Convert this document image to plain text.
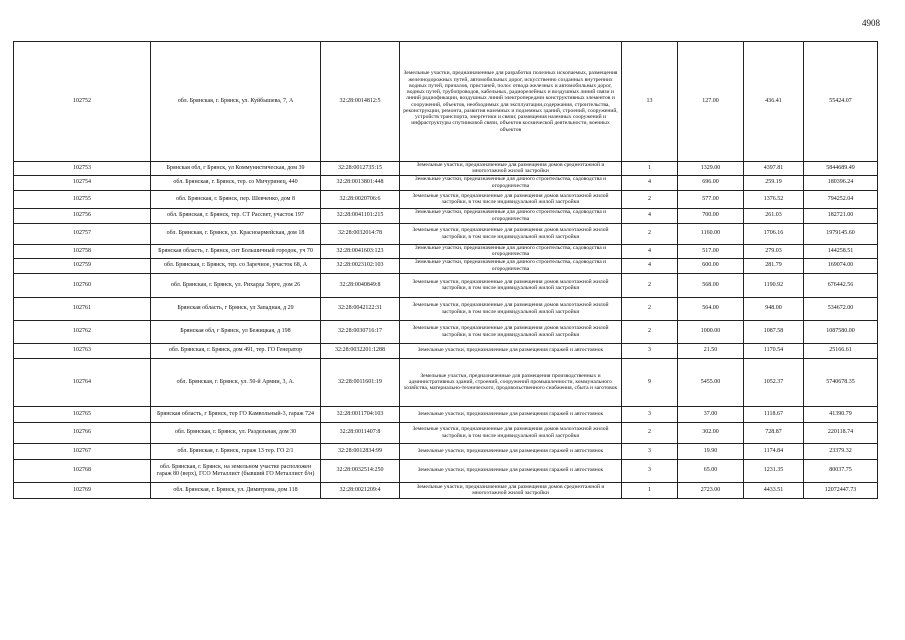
4908
102752	обл. Брянская, г. Брянск, ул. Куйбышева, 7, А	32:28:0014812:5	Земельные участки, предназначенные для разработки полезных ископаемых, размещения железнодорожных путей, автомобильных дорог, искусственно созданных внутренних водных путей, причалов, пристаней, полос отвода железных и автомобильных дорог, водных путей, трубопроводов, кабельных, радиорелейных и воздушных линий связи и линий радиофикации, воздушных линий электропередачи конструктивных элементов и сооружений, объектов, необходимых для эксплуатации,содержания, строительства, реконструкции, ремонта, развития наземных и подземных зданий, строений, сооружений, устройств транспорта, энергетики и связи; размещения наземных сооружений и инфраструктуры спутниковой связи, объектов космической деятельности, военных объектов	13	127.00	436.41	55424.07
102753	Брянская обл, г Брянск, ул Коммунистическая, дом 39	32:28:0012735:15	Земельные участки, предназначенные для размещения домов среднеэтажной и многоэтажной жилой застройки	1	1329.00	4397.81	5844689.49
102754	обл. Брянская, г. Брянск, тер. со Мичуринец, 440	32:28:0013801:448	Земельные участки, предназначенные для дачного строительства, садоводства и огородничества	4	696.00	259.19	180396.24
102755	обл. Брянская, г. Брянск, пер. Шевченко, дом 8	32:28:0020706:6	Земельные участки, предназначенные для размещения домов малоэтажной жилой застройки, в том числе индивидуальной жилой застройки	2	577.00	1376.52	794252.04
102756	обл. Брянская, г. Брянск, тер. СТ Рассвет, участок 197	32:28:0041101:215	Земельные участки, предназначенные для дачного строительства, садоводства и огородничества	4	700.00	261.03	182721.00
102757	обл. Брянская, г. Брянск, ул. Красноармейская, дом 18	32:28:0032014:78	Земельные участки, предназначенные для размещения домов малоэтажной жилой застройки, в том числе индивидуальной жилой застройки	2	1160.00	1706.16	1979145.60
102758	Брянская область, г. Брянск, снт Большичный городок, уч 70	32:28:0041603:123	Земельные участки, предназначенные для дачного строительства, садоводства и огородничества	4	517.00	279.03	144258.51
102759	обл. Брянская, г. Брянск, тер. со Заречное, участок 68, А	32:28:0023102:103	Земельные участки, предназначенные для дачного строительства, садоводства и огородничества	4	600.00	281.79	169074.00
102760	обл. Брянская, г. Брянск, ул. Рихарда Зорге, дом 26	32:28:0040849:8	Земельные участки, предназначенные для размещения домов малоэтажной жилой застройки, в том числе индивидуальной жилой застройки	2	568.00	1190.92	676442.56
102761	Брянская область, г Брянск, ул Западная, д 29	32:28:0042122:31	Земельные участки, предназначенные для размещения домов малоэтажной жилой застройки, в том числе индивидуальной жилой застройки	2	564.00	948.00	534672.00
102762	Брянская обл, г Брянск, ул Бежицкая, д 198	32:28:0030716:17	Земельные участки, предназначенные для размещения домов малоэтажной жилой застройки, в том числе индивидуальной жилой застройки	2	1000.00	1087.58	1087580.00
102763	обл. Брянская, г. Брянск, дом 491, тер. ГО Генератор	32:28:0032201:1288	Земельные участки, предназначенные для размещения гаражей и автостоянок	3	21.50	1170.54	25166.61
102764	обл. Брянская, г. Брянск, ул. 50-й Армии, 3, А.	32:28:0011601:19	Земельные участки, предназначенные для размещения производственных и административных зданий, строений, сооружений промышленности, коммунального хозяйства, материально-технического, продовольственного снабжения, сбыта и заготовок	9	5455.00	1052.37	5740678.35
102765	Брянская область, г Брянск, тер ГО Камвольный-3, гараж 724	32:28:0011704:103	Земельные участки, предназначенные для размещения гаражей и автостоянок	3	37.00	1118.67	41390.79
102766	обл. Брянская, г. Брянск, ул. Раздельная, дом 30	32:28:0011407:8	Земельные участки, предназначенные для размещения домов малоэтажной жилой застройки, в том числе индивидуальной жилой застройки	2	302.00	728.87	220118.74
102767	обл. Брянская, г. Брянск, гараж 13 тер. ГО 2/1	32:28:0012834:99	Земельные участки, предназначенные для размещения гаражей и автостоянок	3	19.90	1174.84	23379.32
102768	обл. Брянская, г. Брянск, на земельном участке расположен гараж 80 (верх), ГСО Металлист (бывший ГО Металлист б/н)	32:28:0032514:250	Земельные участки, предназначенные для размещения гаражей и автостоянок	3	65.00	1231.35	80037.75
102769	обл. Брянская, г. Брянск, ул. Димитрова, дом 118	32:28:0021209:4	Земельные участки, предназначенные для размещения домов среднеэтажной и многоэтажной жилой застройки	1	2723.00	4433.51	12072447.73
